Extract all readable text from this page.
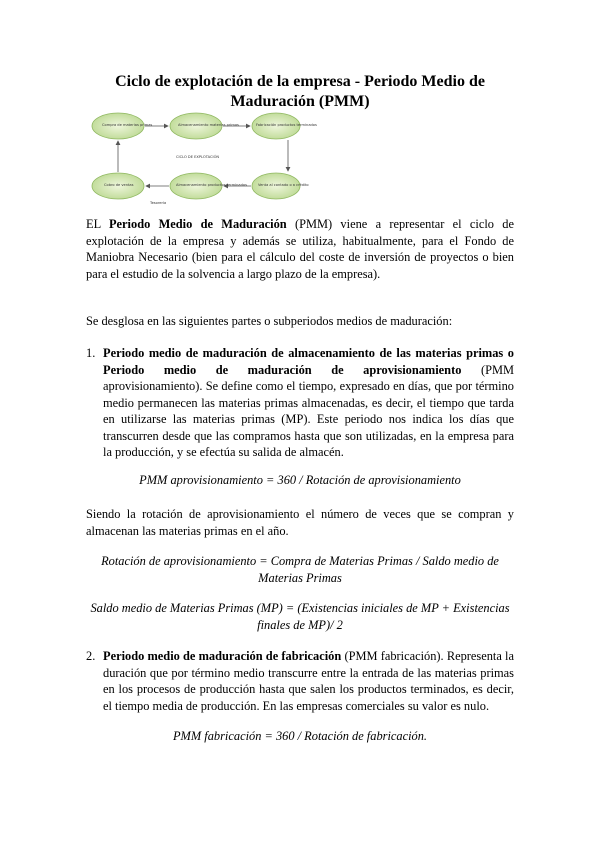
Ciclo de explotación de la empresa - Periodo Medio de Maduración (PMM)
Compra de materias primas	Almacenamiento materias primas	Fabricación productos terminados
Venta al contado o a crédito
Almacenamiento productos terminados
Cobro de ventas
CICLO DE EXPLOTACIÓN
Tesorería
EL Periodo Medio de Maduración (PMM) viene a representar el ciclo de explotación de la empresa y además se utiliza, habitualmente, para el Fondo de Maniobra Necesario (bien para el cálculo del coste de inversión de proyectos o bien para el estudio de la solvencia a largo plazo de la empresa).
Se desglosa en las siguientes partes o subperiodos medios de maduración:
1. Periodo medio de maduración de almacenamiento de las materias primas o Periodo medio de maduración de aprovisionamiento (PMM aprovisionamiento). Se define como el tiempo, expresado en días, que por término medio permanecen las materias primas almacenadas, es decir, el tiempo que tarda en utilizarse las materias primas (MP). Este periodo nos indica los días que transcurren desde que las compramos hasta que son utilizadas, en la empresa para la producción, y se efectúa su salida de almacén.
PMM aprovisionamiento = 360 / Rotación de aprovisionamiento
Siendo la rotación de aprovisionamiento el número de veces que se compran y almacenan las materias primas en el año.
Rotación de aprovisionamiento = Compra de Materias Primas / Saldo medio de Materias Primas
Saldo medio de Materias Primas (MP) = (Existencias iniciales de MP + Existencias finales de MP)/ 2
2. Periodo medio de maduración de fabricación (PMM fabricación). Representa la duración que por término medio transcurre entre la entrada de las materias primas en los procesos de producción hasta que salen los productos terminados, es decir, el tiempo media de producción. En las empresas comerciales su valor es nulo.
PMM fabricación = 360 / Rotación de fabricación.
